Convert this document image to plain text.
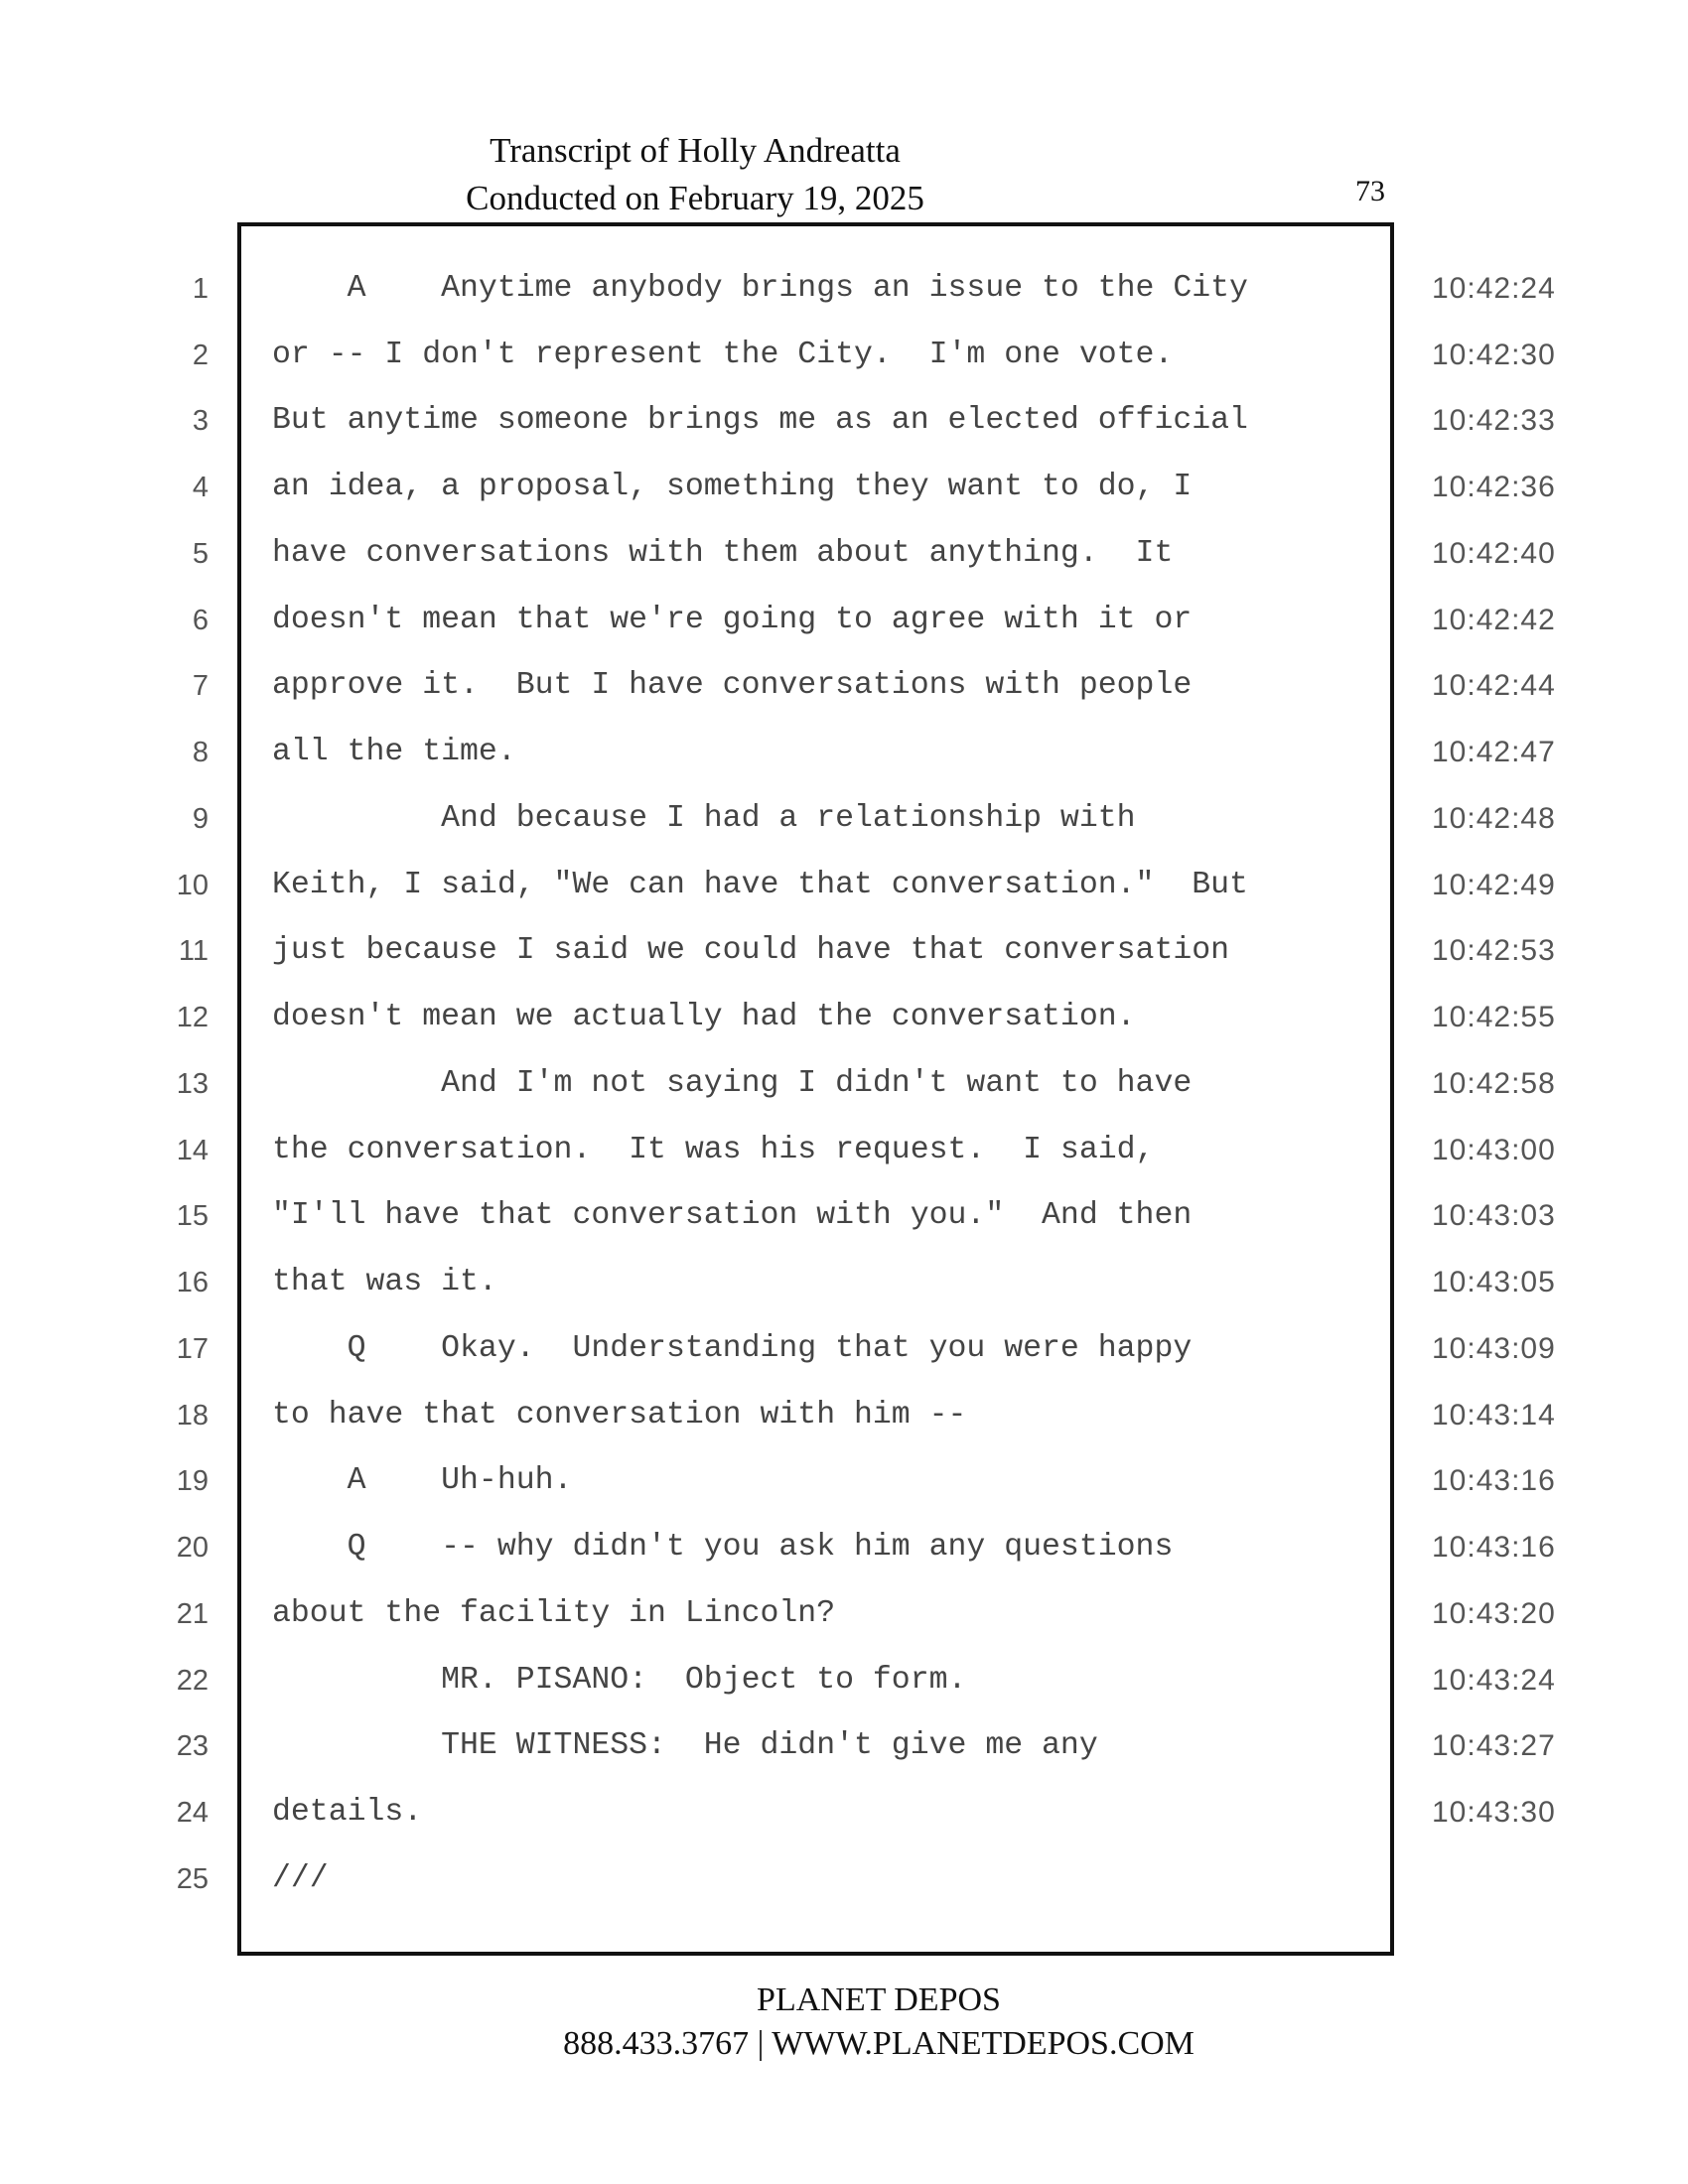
Transcript of Holly Andreatta
Conducted on February 19, 2025	73
1 A    Anytime anybody brings an issue to the City	10:42:24
2 or -- I don't represent the City.  I'm one vote.	10:42:30
3 But anytime someone brings me as an elected official	10:42:33
4 an idea, a proposal, something they want to do, I	10:42:36
5 have conversations with them about anything.  It	10:42:40
6 doesn't mean that we're going to agree with it or	10:42:42
7 approve it.  But I have conversations with people	10:42:44
8 all the time.	10:42:47
9 And because I had a relationship with	10:42:48
10 Keith, I said, "We can have that conversation."  But	10:42:49
11 just because I said we could have that conversation	10:42:53
12 doesn't mean we actually had the conversation.	10:42:55
13 And I'm not saying I didn't want to have	10:42:58
14 the conversation.  It was his request.  I said,	10:43:00
15 "I'll have that conversation with you."  And then	10:43:03
16 that was it.	10:43:05
17 Q    Okay.  Understanding that you were happy	10:43:09
18 to have that conversation with him --	10:43:14
19 A    Uh-huh.	10:43:16
20 Q    -- why didn't you ask him any questions	10:43:16
21 about the facility in Lincoln?	10:43:20
22 MR. PISANO:  Object to form.	10:43:24
23 THE WITNESS:  He didn't give me any	10:43:27
24 details.	10:43:30
25 ///
PLANET DEPOS
888.433.3767 | WWW.PLANETDEPOS.COM
